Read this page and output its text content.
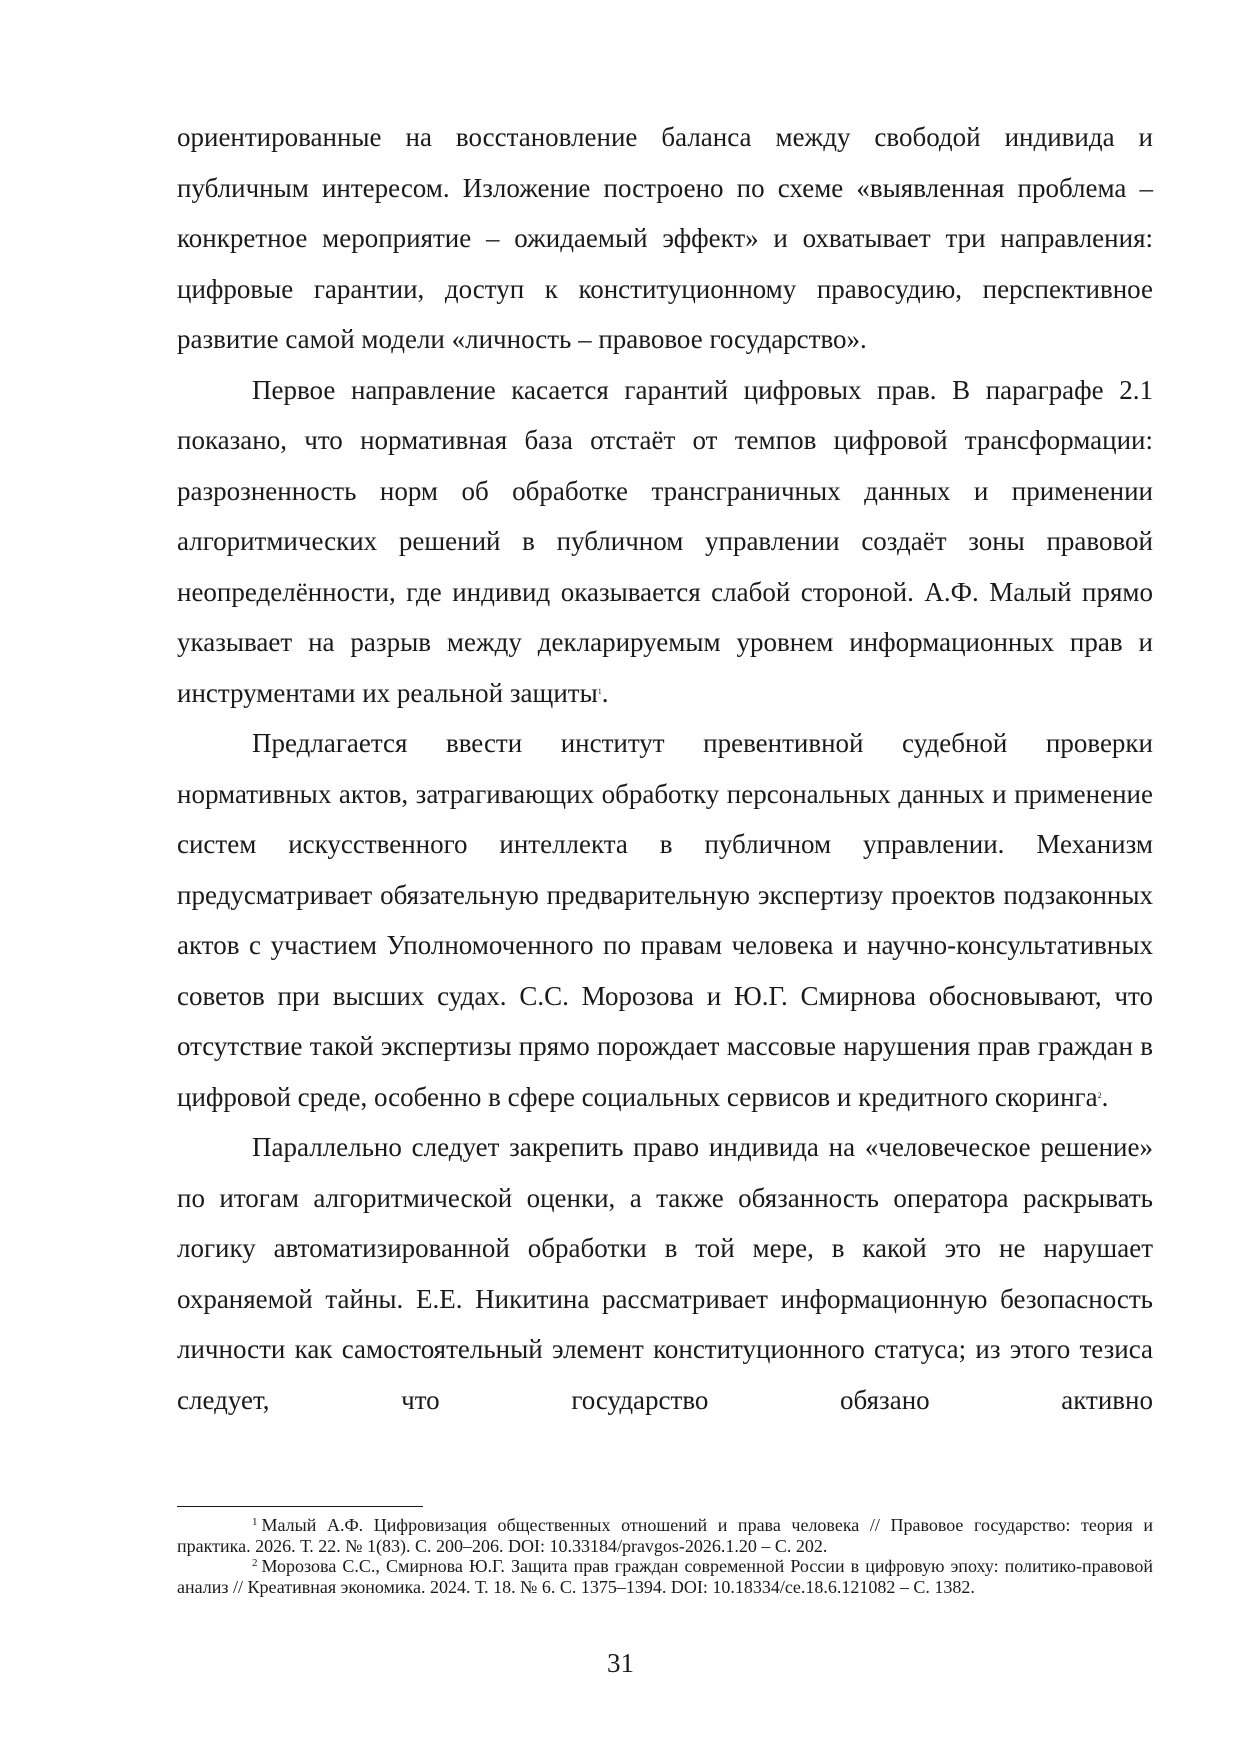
ориентированные на восстановление баланса между свободой индивида и публичным интересом. Изложение построено по схеме «выявленная проблема – конкретное мероприятие – ожидаемый эффект» и охватывает три направления: цифровые гарантии, доступ к конституционному правосудию, перспективное развитие самой модели «личность – правовое государство».

Первое направление касается гарантий цифровых прав. В параграфе 2.1 показано, что нормативная база отстаёт от темпов цифровой трансформации: разрозненность норм об обработке трансграничных данных и применении алгоритмических решений в публичном управлении создаёт зоны правовой неопределённости, где индивид оказывается слабой стороной. А.Ф. Малый прямо указывает на разрыв между декларируемым уровнем информационных прав и инструментами их реальной защиты$^1$.

Предлагается ввести институт превентивной судебной проверки нормативных актов, затрагивающих обработку персональных данных и применение систем искусственного интеллекта в публичном управлении. Механизм предусматривает обязательную предварительную экспертизу проектов подзаконных актов с участием Уполномоченного по правам человека и научно-консультативных советов при высших судах. С.С. Морозова и Ю.Г. Смирнова обосновывают, что отсутствие такой экспертизы прямо порождает массовые нарушения прав граждан в цифровой среде, особенно в сфере социальных сервисов и кредитного скоринга$^2$.

Параллельно следует закрепить право индивида на «человеческое решение» по итогам алгоритмической оценки, а также обязанность оператора раскрывать логику автоматизированной обработки в той мере, в какой это не нарушает охраняемой тайны. Е.Е. Никитина рассматривает информационную безопасность личности как самостоятельный элемент конституционного статуса; из этого тезиса следует, что государство обязано активно

$^1$ Малый А.Ф. Цифровизация общественных отношений и права человека // Правовое государство: теория и практика. 2026. Т. 22. № 1(83). С. 200–206. DOI: 10.33184/pravgos-2026.1.20 – С. 202.

$^2$ Морозова С.С., Смирнова Ю.Г. Защита прав граждан современной России в цифровую эпоху: политико-правовой анализ // Креативная экономика. 2024. Т. 18. № 6. С. 1375–1394. DOI: 10.18334/ce.18.6.121082 – С. 1382.

31
